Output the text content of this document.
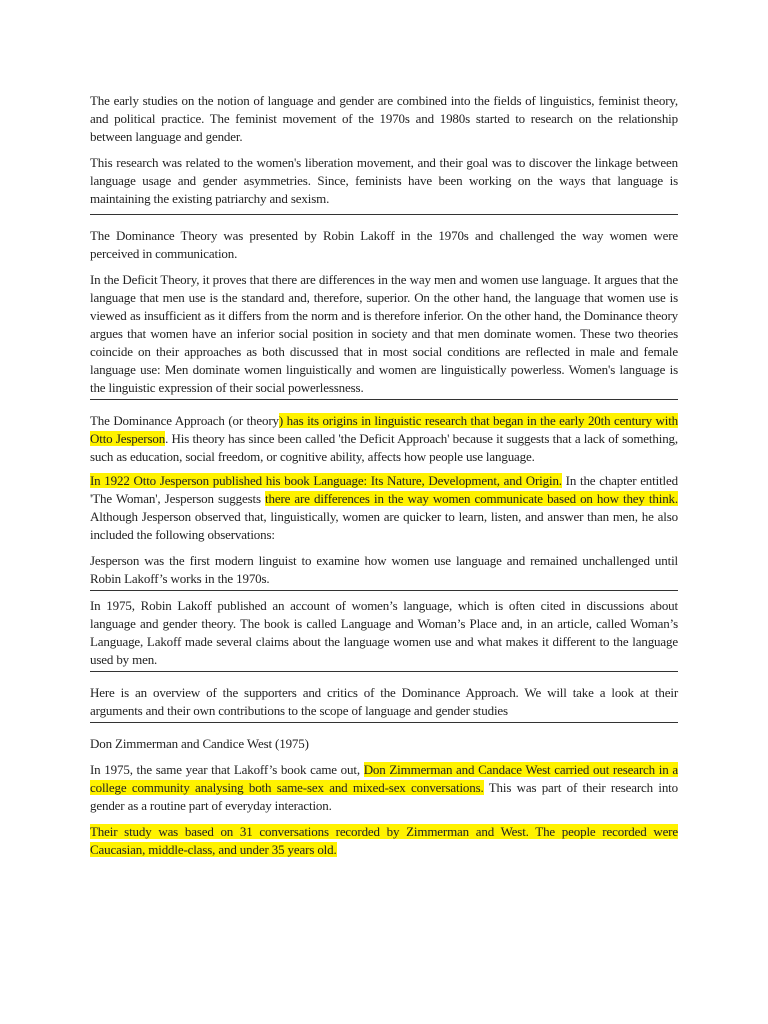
The early studies on the notion of language and gender are combined into the fields of linguistics, feminist theory, and political practice. The feminist movement of the 1970s and 1980s started to research on the relationship between language and gender.

This research was related to the women's liberation movement, and their goal was to discover the linkage between language usage and gender asymmetries. Since, feminists have been working on the ways that language is maintaining the existing patriarchy and sexism.

The Dominance Theory was presented by Robin Lakoff in the 1970s and challenged the way women were perceived in communication.

In the Deficit Theory, it proves that there are differences in the way men and women use language. It argues that the language that men use is the standard and, therefore, superior. On the other hand, the language that women use is viewed as insufficient as it differs from the norm and is therefore inferior. On the other hand, the Dominance theory argues that women have an inferior social position in society and that men dominate women. These two theories coincide on their approaches as both discussed that in most social conditions are reflected in male and female language use: Men dominate women linguistically and women are linguistically powerless. Women's language is the linguistic expression of their social powerlessness.

The Dominance Approach (or theory) has its origins in linguistic research that began in the early 20th century with Otto Jesperson. His theory has since been called 'the Deficit Approach' because it suggests that a lack of something, such as education, social freedom, or cognitive ability, affects how people use language.

In 1922 Otto Jesperson published his book Language: Its Nature, Development, and Origin. In the chapter entitled 'The Woman', Jesperson suggests there are differences in the way women communicate based on how they think. Although Jesperson observed that, linguistically, women are quicker to learn, listen, and answer than men, he also included the following observations:

Jesperson was the first modern linguist to examine how women use language and remained unchallenged until Robin Lakoff’s works in the 1970s.

In 1975, Robin Lakoff published an account of women’s language, which is often cited in discussions about language and gender theory. The book is called Language and Woman’s Place and, in an article, called Woman’s Language, Lakoff made several claims about the language women use and what makes it different to the language used by men.

Here is an overview of the supporters and critics of the Dominance Approach. We will take a look at their arguments and their own contributions to the scope of language and gender studies

Don Zimmerman and Candice West (1975)

In 1975, the same year that Lakoff’s book came out, Don Zimmerman and Candace West carried out research in a college community analysing both same-sex and mixed-sex conversations. This was part of their research into gender as a routine part of everyday interaction.

Their study was based on 31 conversations recorded by Zimmerman and West. The people recorded were Caucasian, middle-class, and under 35 years old.
